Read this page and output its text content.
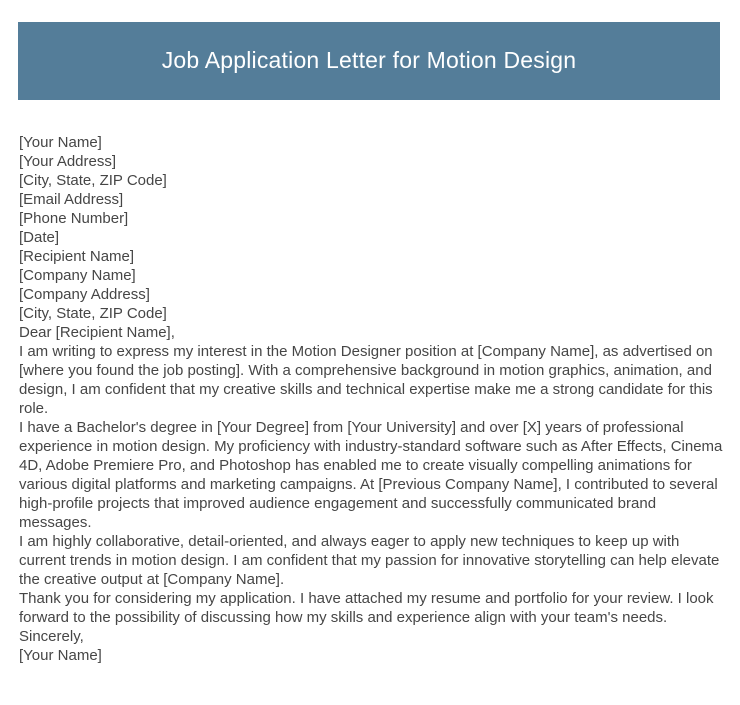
Job Application Letter for Motion Design
[Your Name]
[Your Address]
[City, State, ZIP Code]
[Email Address]
[Phone Number]
[Date]
[Recipient Name]
[Company Name]
[Company Address]
[City, State, ZIP Code]
Dear [Recipient Name],

I am writing to express my interest in the Motion Designer position at [Company Name], as advertised on [where you found the job posting]. With a comprehensive background in motion graphics, animation, and design, I am confident that my creative skills and technical expertise make me a strong candidate for this role.

I have a Bachelor's degree in [Your Degree] from [Your University] and over [X] years of professional experience in motion design. My proficiency with industry-standard software such as After Effects, Cinema 4D, Adobe Premiere Pro, and Photoshop has enabled me to create visually compelling animations for various digital platforms and marketing campaigns. At [Previous Company Name], I contributed to several high-profile projects that improved audience engagement and successfully communicated brand messages.

I am highly collaborative, detail-oriented, and always eager to apply new techniques to keep up with current trends in motion design. I am confident that my passion for innovative storytelling can help elevate the creative output at [Company Name].

Thank you for considering my application. I have attached my resume and portfolio for your review. I look forward to the possibility of discussing how my skills and experience align with your team's needs.

Sincerely,
[Your Name]
